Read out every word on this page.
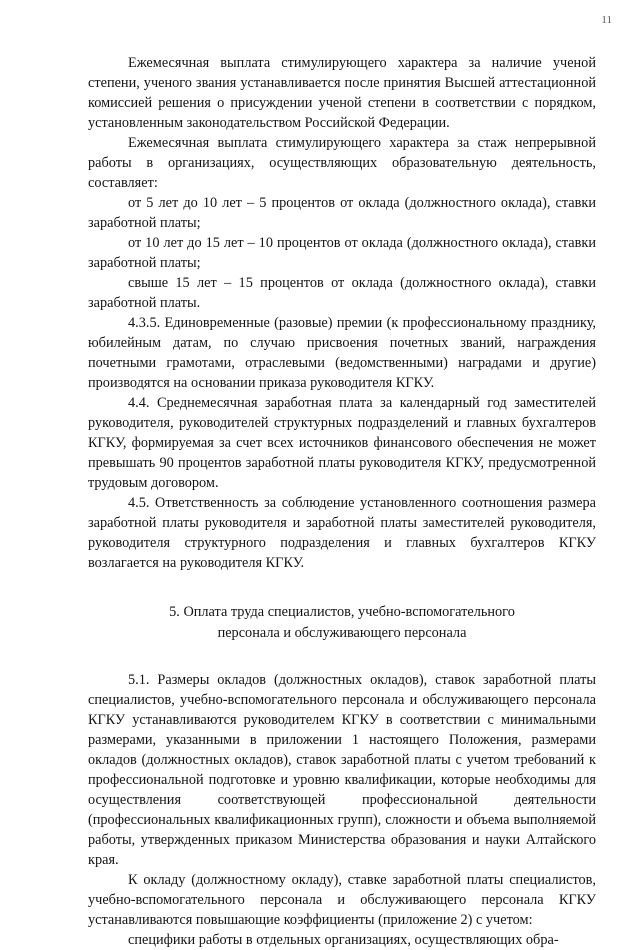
11

Ежемесячная выплата стимулирующего характера за наличие ученой степени, ученого звания устанавливается после принятия Высшей аттестационной комиссией решения о присуждении ученой степени в соответствии с порядком, установленным законодательством Российской Федерации.

Ежемесячная выплата стимулирующего характера за стаж непрерывной работы в организациях, осуществляющих образовательную деятельность, составляет:

от 5 лет до 10 лет – 5 процентов от оклада (должностного оклада), ставки заработной платы;

от 10 лет до 15 лет – 10 процентов от оклада (должностного оклада), ставки заработной платы;

свыше 15 лет – 15 процентов от оклада (должностного оклада), ставки заработной платы.

4.3.5. Единовременные (разовые) премии (к профессиональному празднику, юбилейным датам, по случаю присвоения почетных званий, награждения почетными грамотами, отраслевыми (ведомственными) наградами и другие) производятся на основании приказа руководителя КГКУ.

4.4. Среднемесячная заработная плата за календарный год заместителей руководителя, руководителей структурных подразделений и главных бухгалтеров КГКУ, формируемая за счет всех источников финансового обеспечения не может превышать 90 процентов заработной платы руководителя КГКУ, предусмотренной трудовым договором.

4.5. Ответственность за соблюдение установленного соотношения размера заработной платы руководителя и заработной платы заместителей руководителя, руководителя структурного подразделения и главных бухгалтеров КГКУ возлагается на руководителя КГКУ.

5. Оплата труда специалистов, учебно-вспомогательного
персонала и обслуживающего персонала

5.1. Размеры окладов (должностных окладов), ставок заработной платы специалистов, учебно-вспомогательного персонала и обслуживающего персонала КГКУ устанавливаются руководителем КГКУ в соответствии с минимальными размерами, указанными в приложении 1 настоящего Положения, размерами окладов (должностных окладов), ставок заработной платы с учетом требований к профессиональной подготовке и уровню квалификации, которые необходимы для осуществления соответствующей профессиональной деятельности (профессиональных квалификационных групп), сложности и объема выполняемой работы, утвержденных приказом Министерства образования и науки Алтайского края.

К окладу (должностному окладу), ставке заработной платы специалистов, учебно-вспомогательного персонала и обслуживающего персонала КГКУ устанавливаются повышающие коэффициенты (приложение 2) с учетом:

специфики работы в отдельных организациях, осуществляющих обра-
